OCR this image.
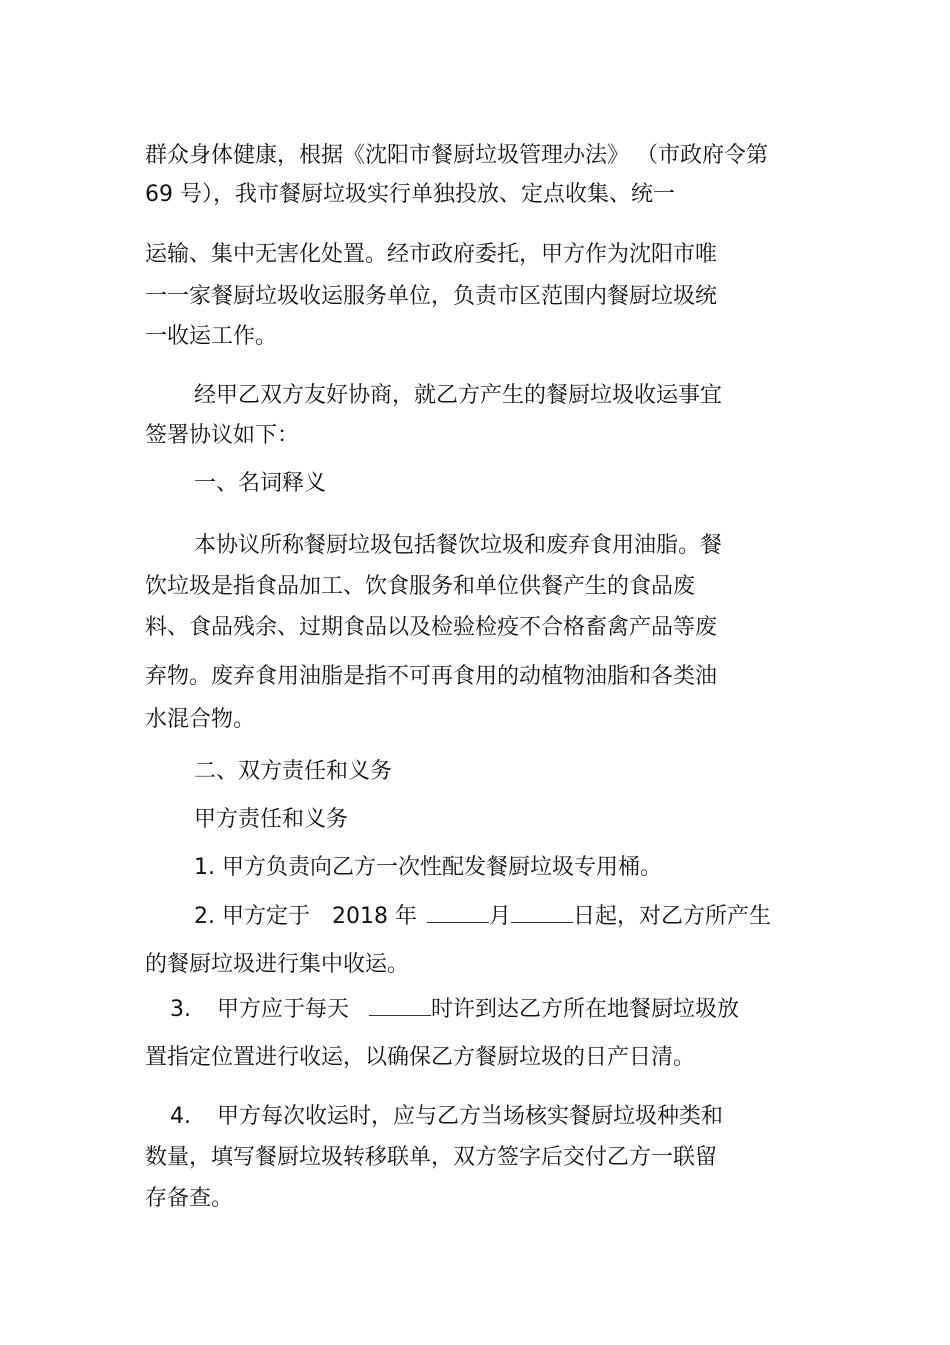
群众身体健康，根据《沈阳市餐厨垃圾管理办法》 （市政府令第
69 号），我市餐厨垃圾实行单独投放、定点收集、统一
运输、集中无害化处置。经市政府委托，甲方作为沈阳市唯
一一家餐厨垃圾收运服务单位，负责市区范围内餐厨垃圾统
一收运工作。
经甲乙双方友好协商，就乙方产生的餐厨垃圾收运事宜
签署协议如下：
一、名词释义
本协议所称餐厨垃圾包括餐饮垃圾和废弃食用油脂。餐
饮垃圾是指食品加工、饮食服务和单位供餐产生的食品废
料、食品残余、过期食品以及检验检疫不合格畜禽产品等废
弃物。废弃食用油脂是指不可再食用的动植物油脂和各类油
水混合物。
二、双方责任和义务
甲方责任和义务
1. 甲方负责向乙方一次性配发餐厨垃圾专用桶。
2. 甲方定于 2018 年	月	日起，对乙方所产生
的餐厨垃圾进行集中收运。
3. 甲方应于每天	时许到达乙方所在地餐厨垃圾放
置指定位置进行收运，以确保乙方餐厨垃圾的日产日清。
4. 甲方每次收运时，应与乙方当场核实餐厨垃圾种类和
数量，填写餐厨垃圾转移联单，双方签字后交付乙方一联留
存备查。
